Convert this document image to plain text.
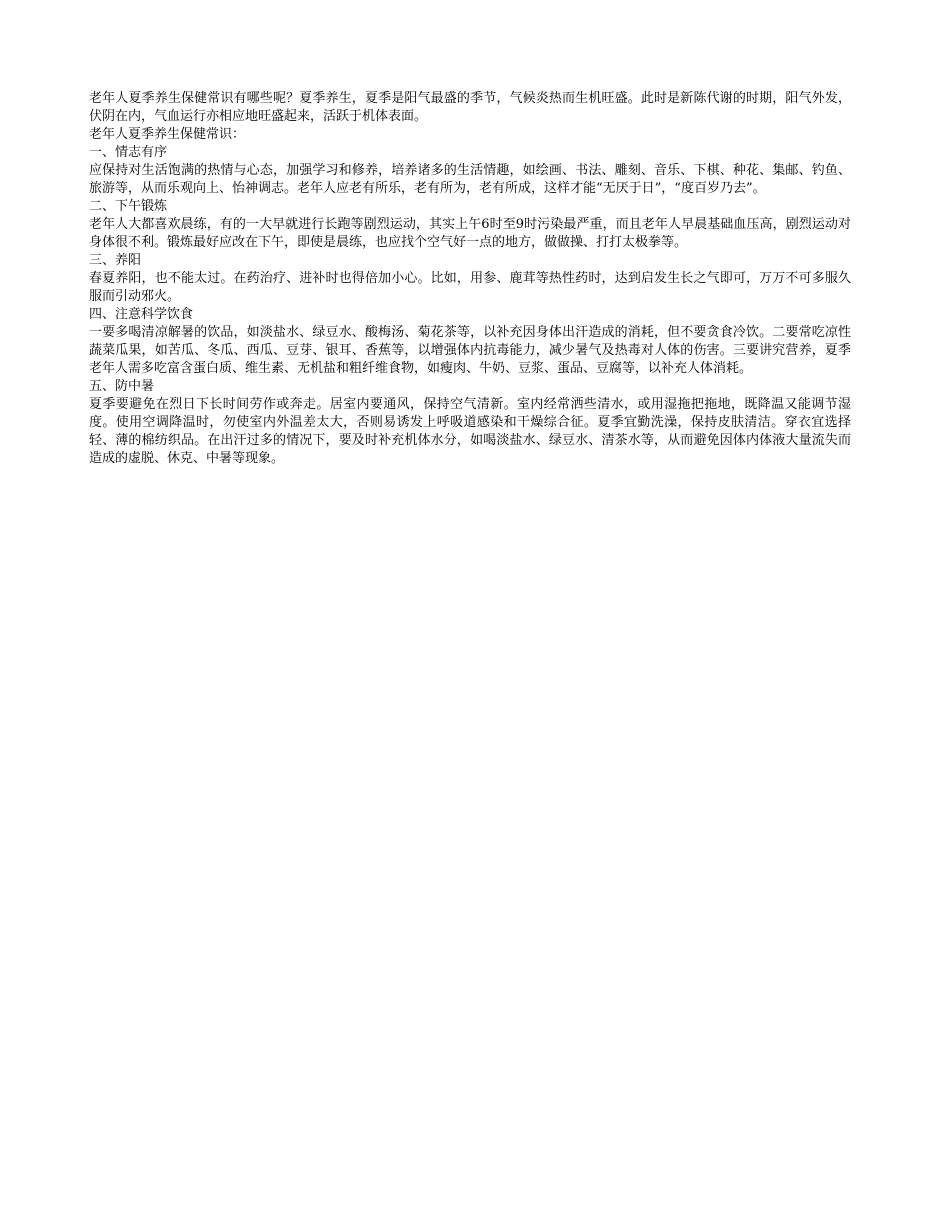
老年人夏季养生保健常识有哪些呢？夏季养生，夏季是阳气最盛的季节，气候炎热而生机旺盛。此时是新陈代谢的时期，阳气外发，伏阴在内，气血运行亦相应地旺盛起来，活跃于机体表面。

老年人夏季养生保健常识：

一、情志有序

应保持对生活饱满的热情与心态，加强学习和修养，培养诸多的生活情趣，如绘画、书法、雕刻、音乐、下棋、种花、集邮、钓鱼、旅游等，从而乐观向上、怡神调志。老年人应老有所乐，老有所为，老有所成，这样才能“无厌于日”，“度百岁乃去”。

二、下午锻炼

老年人大都喜欢晨练，有的一大早就进行长跑等剧烈运动，其实上午6时至9时污染最严重，而且老年人早晨基础血压高，剧烈运动对身体很不利。锻炼最好应改在下午，即使是晨练，也应找个空气好一点的地方，做做操、打打太极拳等。

三、养阳

春夏养阳，也不能太过。在药治疗、进补时也得倍加小心。比如，用参、鹿茸等热性药时，达到启发生长之气即可，万万不可多服久服而引动邪火。

四、注意科学饮食

一要多喝清凉解暑的饮品，如淡盐水、绿豆水、酸梅汤、菊花茶等，以补充因身体出汗造成的消耗，但不要贪食冷饮。二要常吃凉性蔬菜瓜果，如苦瓜、冬瓜、西瓜、豆芽、银耳、香蕉等，以增强体内抗毒能力，减少暑气及热毒对人体的伤害。三要讲究营养，夏季老年人需多吃富含蛋白质、维生素、无机盐和粗纤维食物，如瘦肉、牛奶、豆浆、蛋品、豆腐等，以补充人体消耗。

五、防中暑

夏季要避免在烈日下长时间劳作或奔走。居室内要通风，保持空气清新。室内经常洒些清水，或用湿拖把拖地，既降温又能调节湿度。使用空调降温时，勿使室内外温差太大，否则易诱发上呼吸道感染和干燥综合征。夏季宜勤洗澡，保持皮肤清洁。穿衣宜选择轻、薄的棉纺织品。在出汗过多的情况下，要及时补充机体水分，如喝淡盐水、绿豆水、清茶水等，从而避免因体内体液大量流失而造成的虚脱、休克、中暑等现象。
